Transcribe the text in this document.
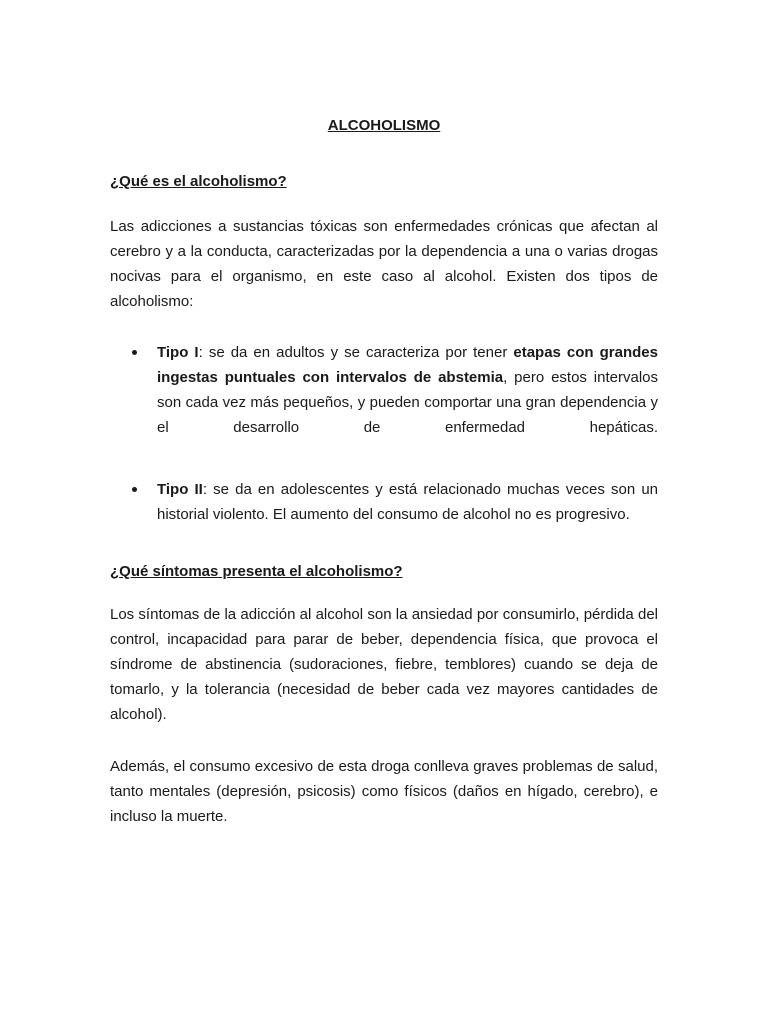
ALCOHOLISMO
¿Qué es el alcoholismo?

Las adicciones a sustancias tóxicas son enfermedades crónicas que afectan al cerebro y a la conducta, caracterizadas por la dependencia a una o varias drogas nocivas para el organismo, en este caso al alcohol. Existen dos tipos de alcoholismo:

Tipo I: se da en adultos y se caracteriza por tener etapas con grandes ingestas puntuales con intervalos de abstemia, pero estos intervalos son cada vez más pequeños, y pueden comportar una gran dependencia y el desarrollo de enfermedad hepáticas.
Tipo II: se da en adolescentes y está relacionado muchas veces son un historial violento. El aumento del consumo de alcohol no es progresivo.
¿Qué síntomas presenta el alcoholismo?

Los síntomas de la adicción al alcohol son la ansiedad por consumirlo, pérdida del control, incapacidad para parar de beber, dependencia física, que provoca el síndrome de abstinencia (sudoraciones, fiebre, temblores) cuando se deja de tomarlo, y la tolerancia (necesidad de beber cada vez mayores cantidades de alcohol).

Además, el consumo excesivo de esta droga conlleva graves problemas de salud, tanto mentales (depresión, psicosis) como físicos (daños en hígado, cerebro), e incluso la muerte.
